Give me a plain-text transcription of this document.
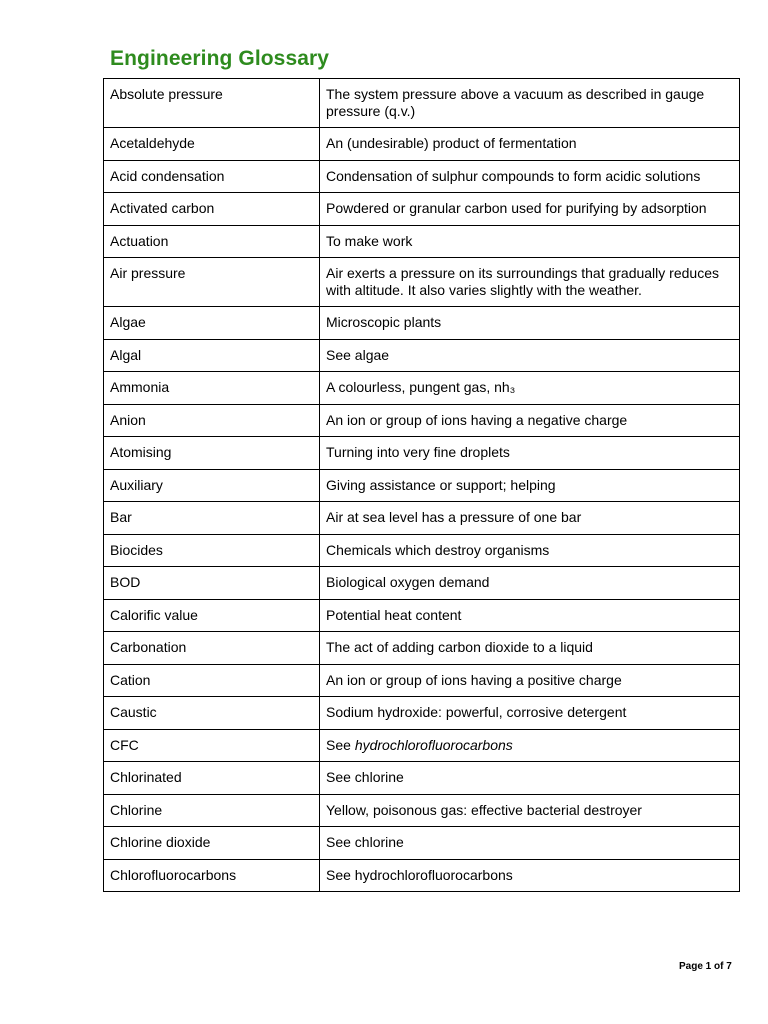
Engineering Glossary
Absolute pressure	The system pressure above a vacuum as described in gauge pressure (q.v.)
Acetaldehyde	An (undesirable) product of fermentation
Acid condensation	Condensation of sulphur compounds to form acidic solutions
Activated carbon	Powdered or granular carbon used for purifying by adsorption
Actuation	To make work
Air pressure	Air exerts a pressure on its surroundings that gradually reduces with altitude. It also varies slightly with the weather.
Algae	Microscopic plants
Algal	See algae
Ammonia	A colourless, pungent gas, nh₃
Anion	An ion or group of ions having a negative charge
Atomising	Turning into very fine droplets
Auxiliary	Giving assistance or support; helping
Bar	Air at sea level has a pressure of one bar
Biocides	Chemicals which destroy organisms
BOD	Biological oxygen demand
Calorific value	Potential heat content
Carbonation	The act of adding carbon dioxide to a liquid
Cation	An ion or group of ions having a positive charge
Caustic	Sodium hydroxide: powerful, corrosive detergent
CFC	See hydrochlorofluorocarbons
Chlorinated	See chlorine
Chlorine	Yellow, poisonous gas: effective bacterial destroyer
Chlorine dioxide	See chlorine
Chlorofluorocarbons	See hydrochlorofluorocarbons
Page 1 of 7
